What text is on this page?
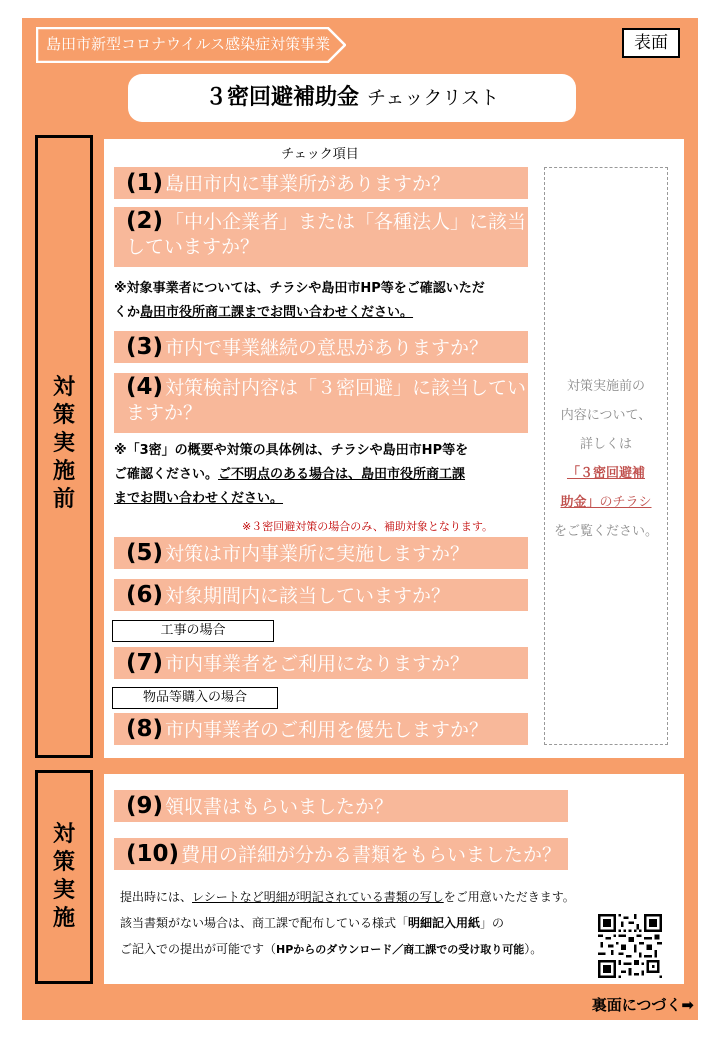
島田市新型コロナウイルス感染症対策事業	表面
３密回避補助金 チェックリスト
対
策
実
施
前
チェック項目
(1) 島田市内に事業所がありますか？
(2) 「中小企業者」または「各種法人」に該当していますか？
※対象事業者については、チラシや島田市HP等をご確認いただ
くか島田市役所商工課までお問い合わせください。
(3) 市内で事業継続の意思がありますか？
(4) 対策検討内容は「３密回避」に該当していますか？
※「3密」の概要や対策の具体例は、チラシや島田市HP等を
ご確認ください。ご不明点のある場合は、島田市役所商工課
までお問い合わせください。
※３密回避対策の場合のみ、補助対象となります。
(5) 対策は市内事業所に実施しますか？
(6) 対象期間内に該当していますか？
工事の場合
(7) 市内事業者をご利用になりますか？
物品等購入の場合
(8) 市内事業者のご利用を優先しますか？
対策実施前の
内容について、
詳しくは
「３密回避補
助金」のチラシ
をご覧ください。
対
策
実
施
(9) 領収書はもらいましたか？
(10) 費用の詳細が分かる書類をもらいましたか？
提出時には、レシートなど明細が明記されている書類の写しをご用意いただきます。
該当書類がない場合は、商工課で配布している様式「明細記入用紙」の
ご記入での提出が可能です（HPからのダウンロード／商工課での受け取り可能）。
裏面につづく➡
